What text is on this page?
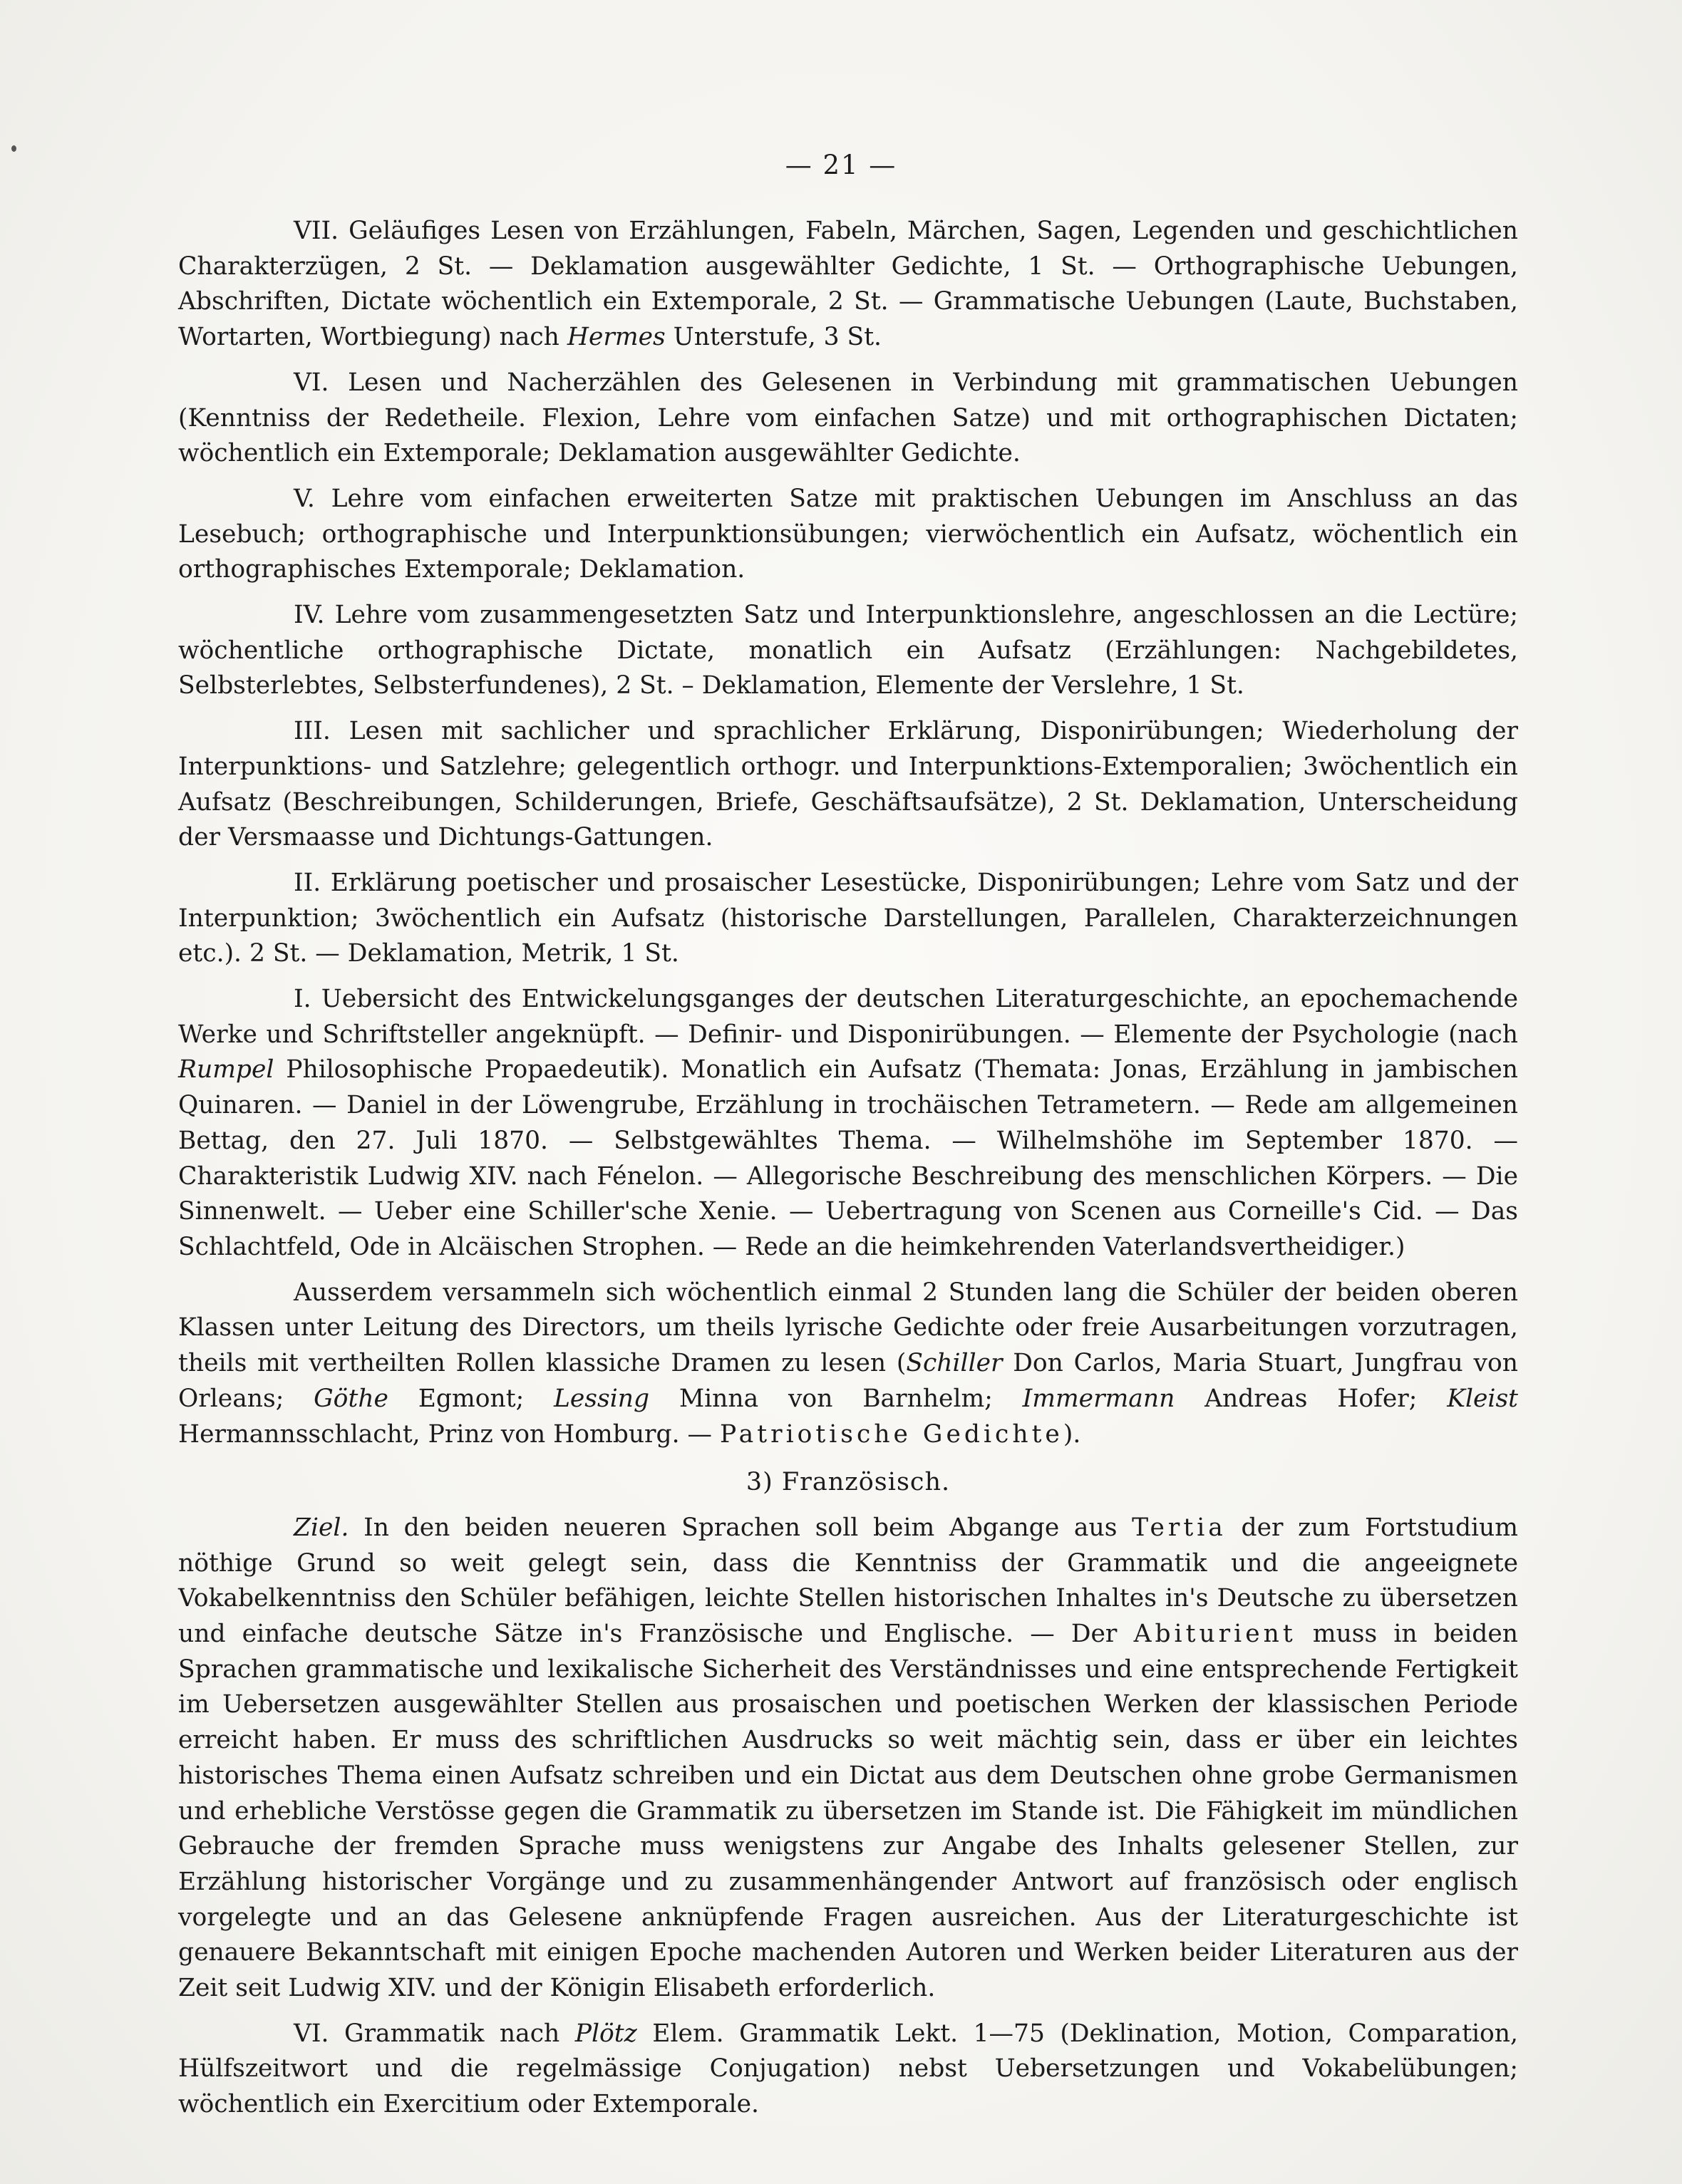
— 21 —

VII. Geläufiges Lesen von Erzählungen, Fabeln, Märchen, Sagen, Legenden und geschichtlichen Charakterzügen, 2 St. — Deklamation ausgewählter Gedichte, 1 St. — Orthographische Uebungen, Abschriften, Dictate wöchentlich ein Extemporale, 2 St. — Grammatische Uebungen (Laute, Buchstaben, Wortarten, Wortbiegung) nach Hermes Unterstufe, 3 St.

VI. Lesen und Nacherzählen des Gelesenen in Verbindung mit grammatischen Uebungen (Kenntniss der Redetheile. Flexion, Lehre vom einfachen Satze) und mit orthographischen Dictaten; wöchentlich ein Extemporale; Deklamation ausgewählter Gedichte.

V. Lehre vom einfachen erweiterten Satze mit praktischen Uebungen im Anschluss an das Lesebuch; orthographische und Interpunktionsübungen; vierwöchentlich ein Aufsatz, wöchentlich ein orthographisches Extemporale; Deklamation.

IV. Lehre vom zusammengesetzten Satz und Interpunktionslehre, angeschlossen an die Lectüre; wöchentliche orthographische Dictate, monatlich ein Aufsatz (Erzählungen: Nachgebildetes, Selbsterlebtes, Selbsterfundenes), 2 St. – Deklamation, Elemente der Verslehre, 1 St.

III. Lesen mit sachlicher und sprachlicher Erklärung, Disponirübungen; Wiederholung der Interpunktions- und Satzlehre; gelegentlich orthogr. und Interpunktions-Extemporalien; 3wöchentlich ein Aufsatz (Beschreibungen, Schilderungen, Briefe, Geschäftsaufsätze), 2 St. Deklamation, Unterscheidung der Versmaasse und Dichtungs-Gattungen.

II. Erklärung poetischer und prosaischer Lesestücke, Disponirübungen; Lehre vom Satz und der Interpunktion; 3wöchentlich ein Aufsatz (historische Darstellungen, Parallelen, Charakterzeichnungen etc.). 2 St. — Deklamation, Metrik, 1 St.

I. Uebersicht des Entwickelungsganges der deutschen Literaturgeschichte, an epochemachende Werke und Schriftsteller angeknüpft. — Definir- und Disponirübungen. — Elemente der Psychologie (nach Rumpel Philosophische Propaedeutik). Monatlich ein Aufsatz (Themata: Jonas, Erzählung in jambischen Quinaren. — Daniel in der Löwengrube, Erzählung in trochäischen Tetrametern. — Rede am allgemeinen Bettag, den 27. Juli 1870. — Selbstgewähltes Thema. — Wilhelmshöhe im September 1870. — Charakteristik Ludwig XIV. nach Fénelon. — Allegorische Beschreibung des menschlichen Körpers. — Die Sinnenwelt. — Ueber eine Schiller'sche Xenie. — Uebertragung von Scenen aus Corneille's Cid. — Das Schlachtfeld, Ode in Alcäischen Strophen. — Rede an die heimkehrenden Vaterlandsvertheidiger.)

Ausserdem versammeln sich wöchentlich einmal 2 Stunden lang die Schüler der beiden oberen Klassen unter Leitung des Directors, um theils lyrische Gedichte oder freie Ausarbeitungen vorzutragen, theils mit vertheilten Rollen klassiche Dramen zu lesen (Schiller Don Carlos, Maria Stuart, Jungfrau von Orleans; Göthe Egmont; Lessing Minna von Barnhelm; Immermann Andreas Hofer; Kleist Hermannsschlacht, Prinz von Homburg. — Patriotische Gedichte).

3) Französisch.

Ziel. In den beiden neueren Sprachen soll beim Abgange aus Tertia der zum Fortstudium nöthige Grund so weit gelegt sein, dass die Kenntniss der Grammatik und die angeeignete Vokabelkenntniss den Schüler befähigen, leichte Stellen historischen Inhaltes in's Deutsche zu übersetzen und einfache deutsche Sätze in's Französische und Englische. — Der Abiturient muss in beiden Sprachen grammatische und lexikalische Sicherheit des Verständnisses und eine entsprechende Fertigkeit im Uebersetzen ausgewählter Stellen aus prosaischen und poetischen Werken der klassischen Periode erreicht haben. Er muss des schriftlichen Ausdrucks so weit mächtig sein, dass er über ein leichtes historisches Thema einen Aufsatz schreiben und ein Dictat aus dem Deutschen ohne grobe Germanismen und erhebliche Verstösse gegen die Grammatik zu übersetzen im Stande ist. Die Fähigkeit im mündlichen Gebrauche der fremden Sprache muss wenigstens zur Angabe des Inhalts gelesener Stellen, zur Erzählung historischer Vorgänge und zu zusammenhängender Antwort auf französisch oder englisch vorgelegte und an das Gelesene anknüpfende Fragen ausreichen. Aus der Literaturgeschichte ist genauere Bekanntschaft mit einigen Epoche machenden Autoren und Werken beider Literaturen aus der Zeit seit Ludwig XIV. und der Königin Elisabeth erforderlich.

VI. Grammatik nach Plötz Elem. Grammatik Lekt. 1—75 (Deklination, Motion, Comparation, Hülfszeitwort und die regelmässige Conjugation) nebst Uebersetzungen und Vokabelübungen; wöchentlich ein Exercitium oder Extemporale.
